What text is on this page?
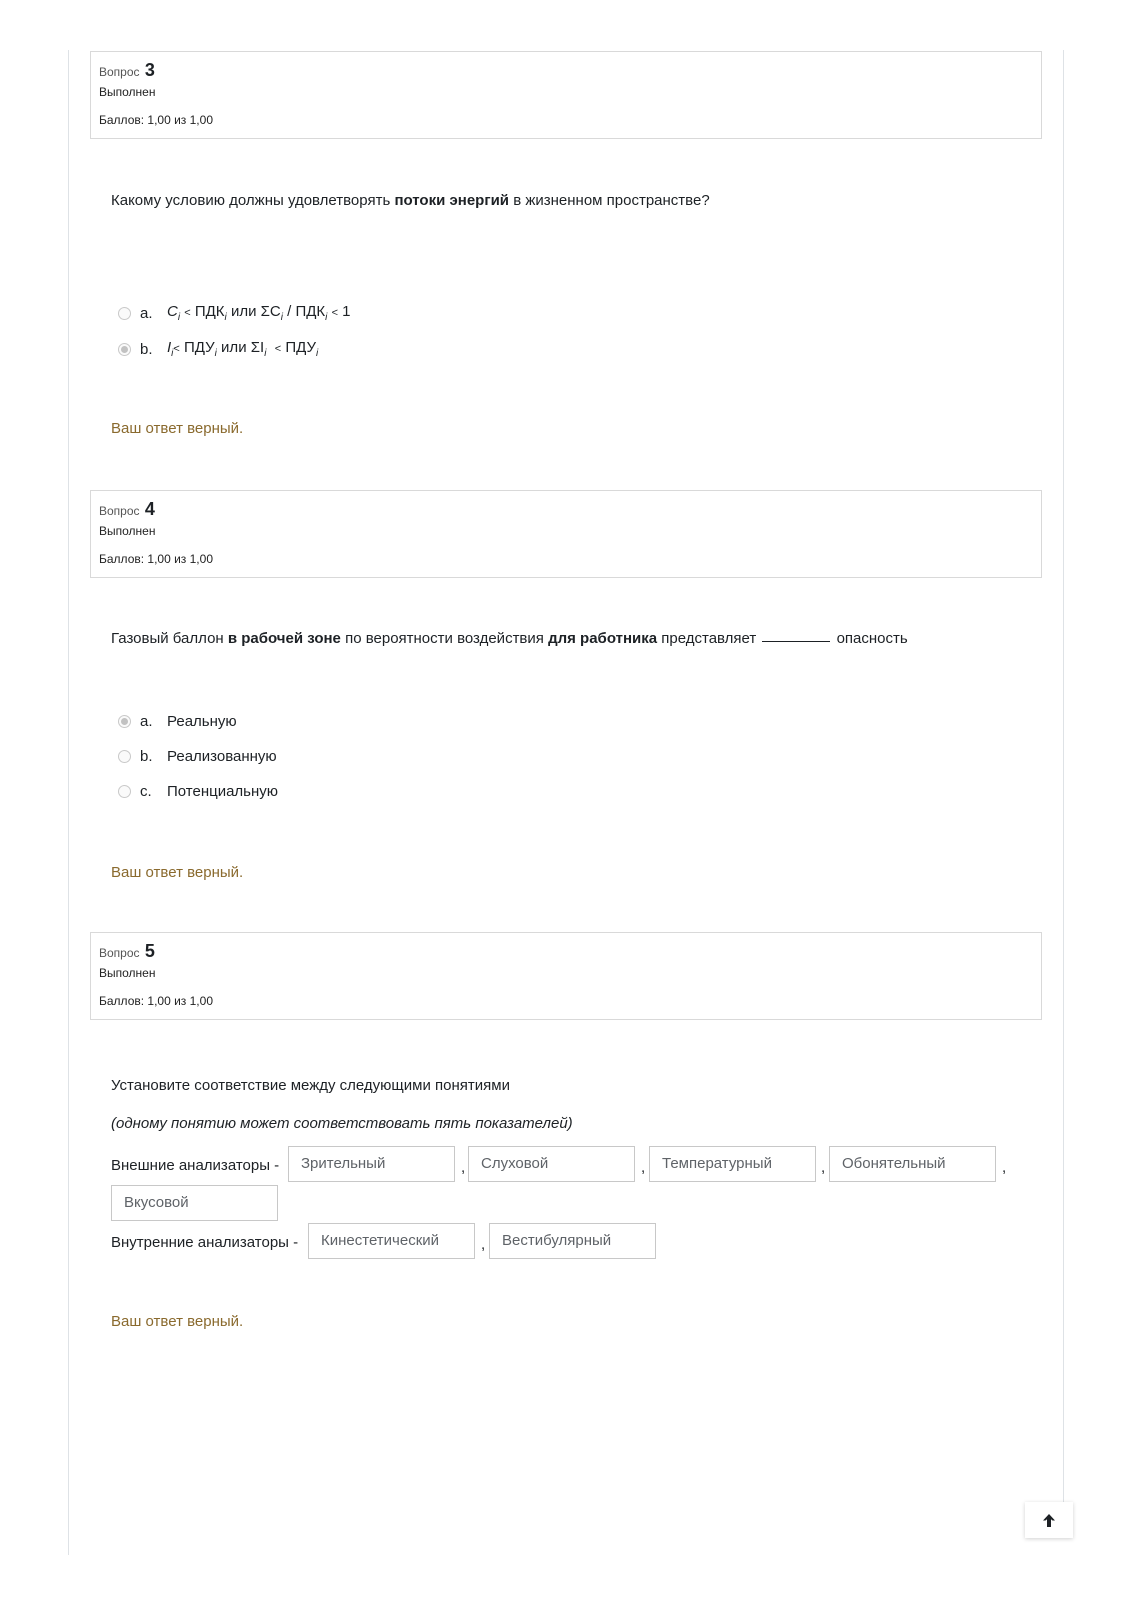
Вопрос 3
Выполнен
Баллов: 1,00 из 1,00
Какому условию должны удовлетворять потоки энергий в жизненном пространстве?
a. $C_i < ПДК_i$ или $\Sigma C_i / ПДК_i < 1$
b. $I_i< ПДУ_i$ или $\Sigma I_i < ПДУ_i$
Ваш ответ верный.
Вопрос 4
Выполнен
Баллов: 1,00 из 1,00
Газовый баллон в рабочей зоне по вероятности воздействия для работника представляет	опасность
a. Реальную
b. Реализованную
c.	Потенциальную
Ваш ответ верный.
Вопрос 5
Выполнен
Баллов: 1,00 из 1,00
Установите соответствие между следующими понятиями
(одному понятию может соответствовать пять показателей)
Внешние анализаторы -	Зрительный	,	Слуховой	,	Температурный	,	Обонятельный	,
Вкусовой
Внутренние анализаторы -	Кинестетический	,	Вестибулярный
Ваш ответ верный.
